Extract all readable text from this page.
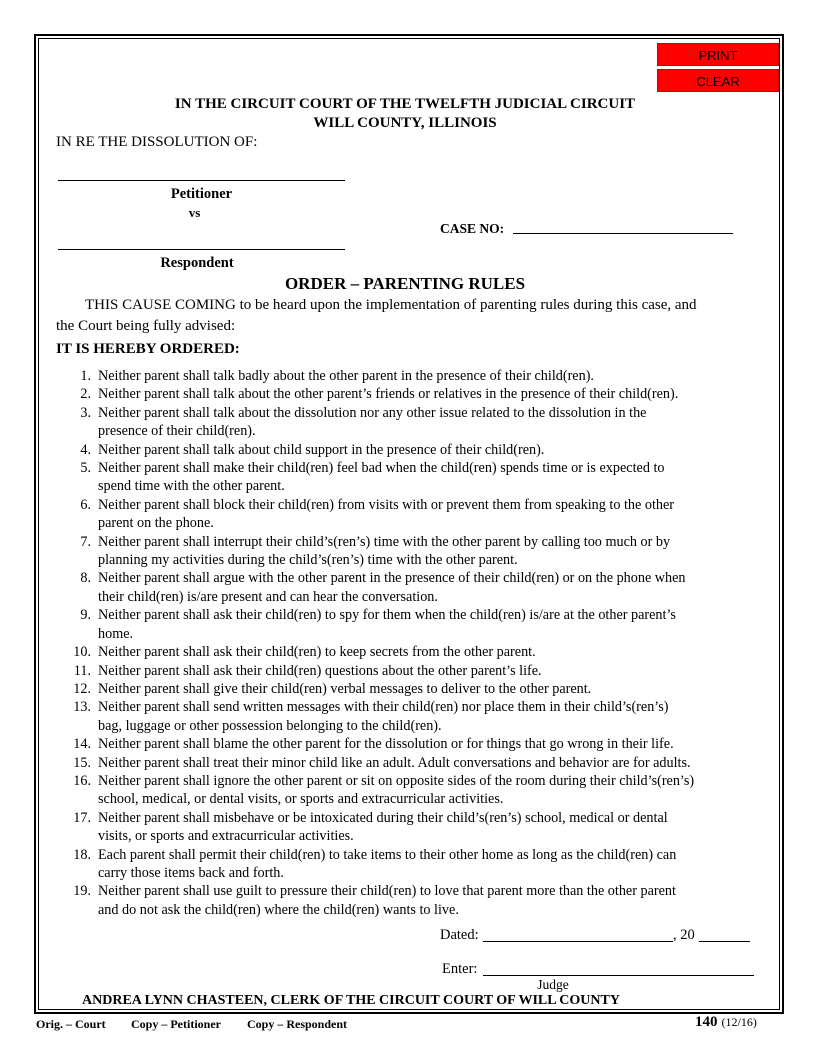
PRINT
CLEAR
IN THE CIRCUIT COURT OF THE TWELFTH JUDICIAL CIRCUIT
WILL COUNTY, ILLINOIS
IN RE THE DISSOLUTION OF:
Petitioner
vs
CASE NO:
Respondent
ORDER – PARENTING RULES
THIS CAUSE COMING to be heard upon the implementation of parenting rules during this case, and
the Court being fully advised:
IT IS HEREBY ORDERED:
1. Neither parent shall talk badly about the other parent in the presence of their child(ren).
2. Neither parent shall talk about the other parent’s friends or relatives in the presence of their child(ren).
3. Neither parent shall talk about the dissolution nor any other issue related to the dissolution in the
presence of their child(ren).
4. Neither parent shall talk about child support in the presence of their child(ren).
5. Neither parent shall make their child(ren) feel bad when the child(ren) spends time or is expected to
spend time with the other parent.
6. Neither parent shall block their child(ren) from visits with or prevent them from speaking to the other
parent on the phone.
7. Neither parent shall interrupt their child’s(ren’s) time with the other parent by calling too much or by
planning my activities during the child’s(ren’s) time with the other parent.
8. Neither parent shall argue with the other parent in the presence of their child(ren) or on the phone when
their child(ren) is/are present and can hear the conversation.
9. Neither parent shall ask their child(ren) to spy for them when the child(ren) is/are at the other parent’s
home.
10. Neither parent shall ask their child(ren) to keep secrets from the other parent.
11. Neither parent shall ask their child(ren) questions about the other parent’s life.
12. Neither parent shall give their child(ren) verbal messages to deliver to the other parent.
13. Neither parent shall send written messages with their child(ren) nor place them in their child’s(ren’s)
bag, luggage or other possession belonging to the child(ren).
14. Neither parent shall blame the other parent for the dissolution or for things that go wrong in their life.
15. Neither parent shall treat their minor child like an adult. Adult conversations and behavior are for adults.
16. Neither parent shall ignore the other parent or sit on opposite sides of the room during their child’s(ren’s)
school, medical, or dental visits, or sports and extracurricular activities.
17. Neither parent shall misbehave or be intoxicated during their child’s(ren’s) school, medical or dental
visits, or sports and extracurricular activities.
18. Each parent shall permit their child(ren) to take items to their other home as long as the child(ren) can
carry those items back and forth.
19. Neither parent shall use guilt to pressure their child(ren) to love that parent more than the other parent
and do not ask the child(ren) where the child(ren) wants to live.
Dated:	, 20
Enter:
Judge
ANDREA LYNN CHASTEEN, CLERK OF THE CIRCUIT COURT OF WILL COUNTY
Orig. – Court Copy – Petitioner Copy – Respondent	140 (12/16)
